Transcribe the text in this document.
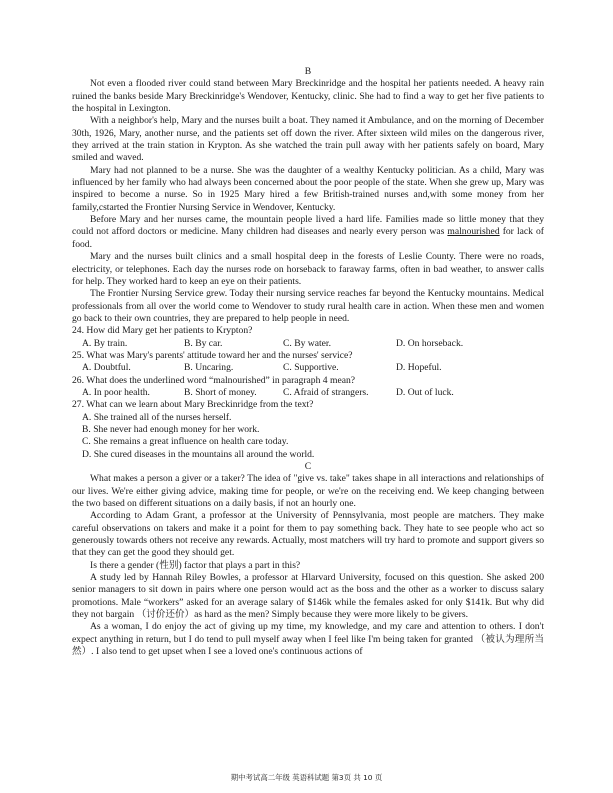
B

Not even a flooded river could stand between Mary Breckinridge and the hospital her patients needed. A heavy rain ruined the banks beside Mary Breckinridge's Wendover, Kentucky, clinic. She had to find a way to get her five patients to the hospital in Lexington.

With a neighbor's help, Mary and the nurses built a boat. They named it Ambulance, and on the morning of December 30th, 1926, Mary, another nurse, and the patients set off down the river. After sixteen wild miles on the dangerous river, they arrived at the train station in Krypton. As she watched the train pull away with her patients safely on board, Mary smiled and waved.

Mary had not planned to be a nurse. She was the daughter of a wealthy Kentucky politician. As a child, Mary was influenced by her family who had always been concerned about the poor people of the state. When she grew up, Mary was inspired to become a nurse. So in 1925 Mary hired a few British-trained nurses and,with some money from her family,cstarted the Frontier Nursing Service in Wendover, Kentucky.

Before Mary and her nurses came, the mountain people lived a hard life. Families made so little money that they could not afford doctors or medicine. Many children had diseases and nearly every person was malnourished for lack of food.

Mary and the nurses built clinics and a small hospital deep in the forests of Leslie County. There were no roads, electricity, or telephones. Each day the nurses rode on horseback to faraway farms, often in bad weather, to answer calls for help. They worked hard to keep an eye on their patients.

The Frontier Nursing Service grew. Today their nursing service reaches far beyond the Kentucky mountains. Medical professionals from all over the world come to Wendover to study rural health care in action. When these men and women go back to their own countries, they are prepared to help people in need.

24. How did Mary get her patients to Krypton?
A. By train.	B. By car.	C. By water.	D. On horseback.
25. What was Mary's parents' attitude toward her and the nurses' service?
A. Doubtful.	B. Uncaring.	C. Supportive.	D. Hopeful.
26. What does the underlined word “malnourished” in paragraph 4 mean?
A. In poor health.	B. Short of money.	C. Afraid of strangers.	D. Out of luck.
27. What can we learn about Mary Breckinridge from the text?
A. She trained all of the nurses herself.
B. She never had enough money for her work.
C. She remains a great influence on health care today.
D. She cured diseases in the mountains all around the world.
C

What makes a person a giver or a taker? The idea of "give vs. take" takes shape in all interactions and relationships of our lives. We're either giving advice, making time for people, or we're on the receiving end. We keep changing between the two based on different situations on a daily basis, if not an hourly one.

According to Adam Grant, a professor at the University of Pennsylvania, most people are matchers. They make careful observations on takers and make it a point for them to pay something back. They hate to see people who act so generously towards others not receive any rewards. Actually, most matchers will try hard to promote and support givers so that they can get the good they should get.

Is there a gender (性别) factor that plays a part in this?

A study led by Hannah Riley Bowles, a professor at Hlarvard University, focused on this question. She asked 200 senior managers to sit down in pairs where one person would act as the boss and the other as a worker to discuss salary promotions. Male “workers” asked for an average salary of $146k while the females asked for only $141k. But why did they not bargain （讨价还价）as hard as the men? Simply because they were more likely to be givers.

As a woman, I do enjoy the act of giving up my time, my knowledge, and my care and attention to others. I don't expect anything in return, but I do tend to pull myself away when I feel like I'm being taken for granted （被认为理所当然）. I also tend to get upset when I see a loved one's continuous actions of

期中考试高二年级 英语科试题 第3页 共 10 页
